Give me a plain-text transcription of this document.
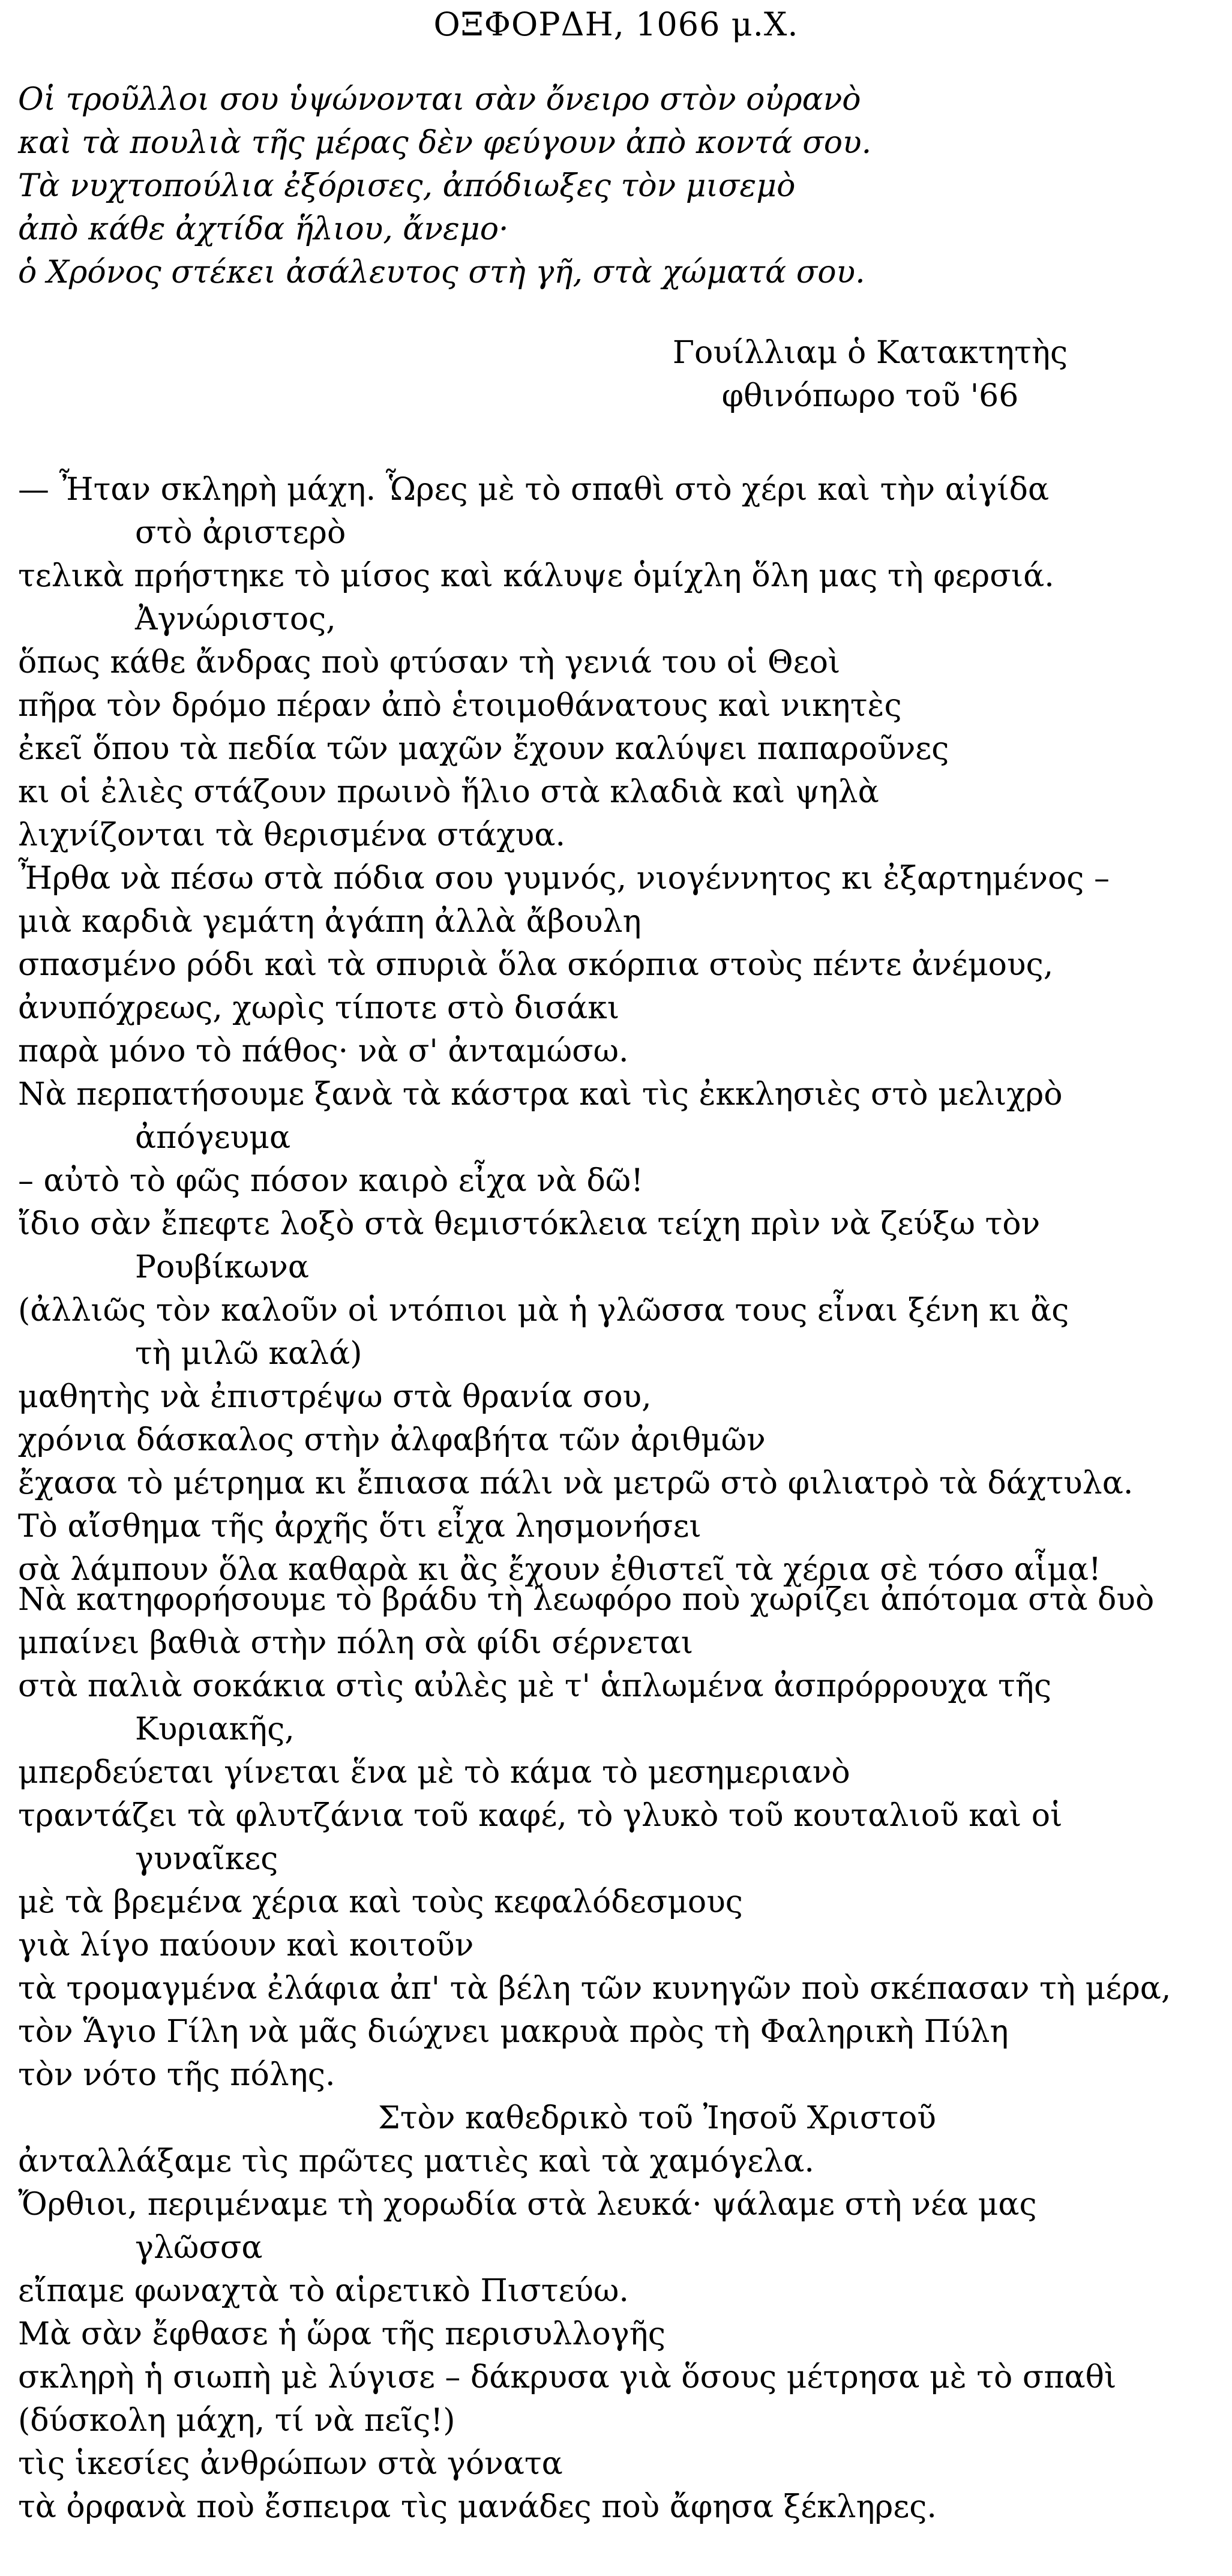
ΟΞΦΟΡΔΗ, 1066 μ.Χ.
Οἱ τροῦλλοι σου ὑψώνονται σὰν ὄνειρο στὸν οὐρανὸ
καὶ τὰ πουλιὰ τῆς μέρας δὲν φεύγουν ἀπὸ κοντά σου.
Τὰ νυχτοπούλια ἐξόρισες, ἀπόδιωξες τὸν μισεμὸ
ἀπὸ κάθε ἀχτίδα ἥλιου, ἄνεμο·
ὁ Χρόνος στέκει ἀσάλευτος στὴ γῆ, στὰ χώματά σου.
Γουίλλιαμ ὁ Κατακτητὴς
φθινόπωρο τοῦ '66
— Ἦταν σκληρὴ μάχη. Ὧρες μὲ τὸ σπαθὶ στὸ χέρι καὶ τὴν αἰγίδα
στὸ ἀριστερὸ
τελικὰ πρήστηκε τὸ μίσος καὶ κάλυψε ὁμίχλη ὅλη μας τὴ φερσιά.
Ἀγνώριστος,
ὅπως κάθε ἄνδρας ποὺ φτύσαν τὴ γενιά του οἱ Θεοὶ
πῆρα τὸν δρόμο πέραν ἀπὸ ἑτοιμοθάνατους καὶ νικητὲς
ἐκεῖ ὅπου τὰ πεδία τῶν μαχῶν ἔχουν καλύψει παπαροῦνες
κι οἱ ἐλιὲς στάζουν πρωινὸ ἥλιο στὰ κλαδιὰ καὶ ψηλὰ
λιχνίζονται τὰ θερισμένα στάχυα.
Ἦρθα νὰ πέσω στὰ πόδια σου γυμνός, νιογέννητος κι ἐξαρτημένος –
μιὰ καρδιὰ γεμάτη ἀγάπη ἀλλὰ ἄβουλη
σπασμένο ρόδι καὶ τὰ σπυριὰ ὅλα σκόρπια στοὺς πέντε ἀνέμους,
ἀνυπόχρεως, χωρὶς τίποτε στὸ δισάκι
παρὰ μόνο τὸ πάθος· νὰ σ' ἀνταμώσω.
Νὰ περπατήσουμε ξανὰ τὰ κάστρα καὶ τὶς ἐκκλησιὲς στὸ μελιχρὸ
ἀπόγευμα
– αὐτὸ τὸ φῶς πόσον καιρὸ εἶχα νὰ δῶ!
ἴδιο σὰν ἔπεφτε λοξὸ στὰ θεμιστόκλεια τείχη πρὶν νὰ ζεύξω τὸν
Ρουβίκωνα
(ἀλλιῶς τὸν καλοῦν οἱ ντόπιοι μὰ ἡ γλῶσσα τους εἶναι ξένη κι ἂς
τὴ μιλῶ καλά)
μαθητὴς νὰ ἐπιστρέψω στὰ θρανία σου,
χρόνια δάσκαλος στὴν ἀλφαβήτα τῶν ἀριθμῶν
ἔχασα τὸ μέτρημα κι ἔπιασα πάλι νὰ μετρῶ στὸ φιλιατρὸ τὰ δάχτυλα.
Τὸ αἴσθημα τῆς ἀρχῆς ὅτι εἶχα λησμονήσει
σὰ λάμπουν ὅλα καθαρὰ κι ἂς ἔχουν ἐθιστεῖ τὰ χέρια σὲ τόσο αἷμα!
Νὰ κατηφορήσουμε τὸ βράδυ τὴ λεωφόρο ποὺ χωρίζει ἀπότομα στὰ δυὸ
μπαίνει βαθιὰ στὴν πόλη σὰ φίδι σέρνεται
στὰ παλιὰ σοκάκια στὶς αὐλὲς μὲ τ' ἁπλωμένα ἀσπρόρρουχα τῆς
Κυριακῆς,
μπερδεύεται γίνεται ἕνα μὲ τὸ κάμα τὸ μεσημεριανὸ
τραντάζει τὰ φλυτζάνια τοῦ καφέ, τὸ γλυκὸ τοῦ κουταλιοῦ καὶ οἱ
γυναῖκες
μὲ τὰ βρεμένα χέρια καὶ τοὺς κεφαλόδεσμους
γιὰ λίγο παύουν καὶ κοιτοῦν
τὰ τρομαγμένα ἐλάφια ἀπ' τὰ βέλη τῶν κυνηγῶν ποὺ σκέπασαν τὴ μέρα,
τὸν Ἅγιο Γίλη νὰ μᾶς διώχνει μακρυὰ πρὸς τὴ Φαληρικὴ Πύλη
τὸν νότο τῆς πόλης.
Στὸν καθεδρικὸ τοῦ Ἰησοῦ Χριστοῦ
ἀνταλλάξαμε τὶς πρῶτες ματιὲς καὶ τὰ χαμόγελα.
Ὄρθιοι, περιμέναμε τὴ χορωδία στὰ λευκά· ψάλαμε στὴ νέα μας
γλῶσσα
εἴπαμε φωναχτὰ τὸ αἱρετικὸ Πιστεύω.
Μὰ σὰν ἔφθασε ἡ ὥρα τῆς περισυλλογῆς
σκληρὴ ἡ σιωπὴ μὲ λύγισε – δάκρυσα γιὰ ὅσους μέτρησα μὲ τὸ σπαθὶ
(δύσκολη μάχη, τί νὰ πεῖς!)
τὶς ἱκεσίες ἀνθρώπων στὰ γόνατα
τὰ ὀρφανὰ ποὺ ἔσπειρα τὶς μανάδες ποὺ ἄφησα ξέκληρες.
